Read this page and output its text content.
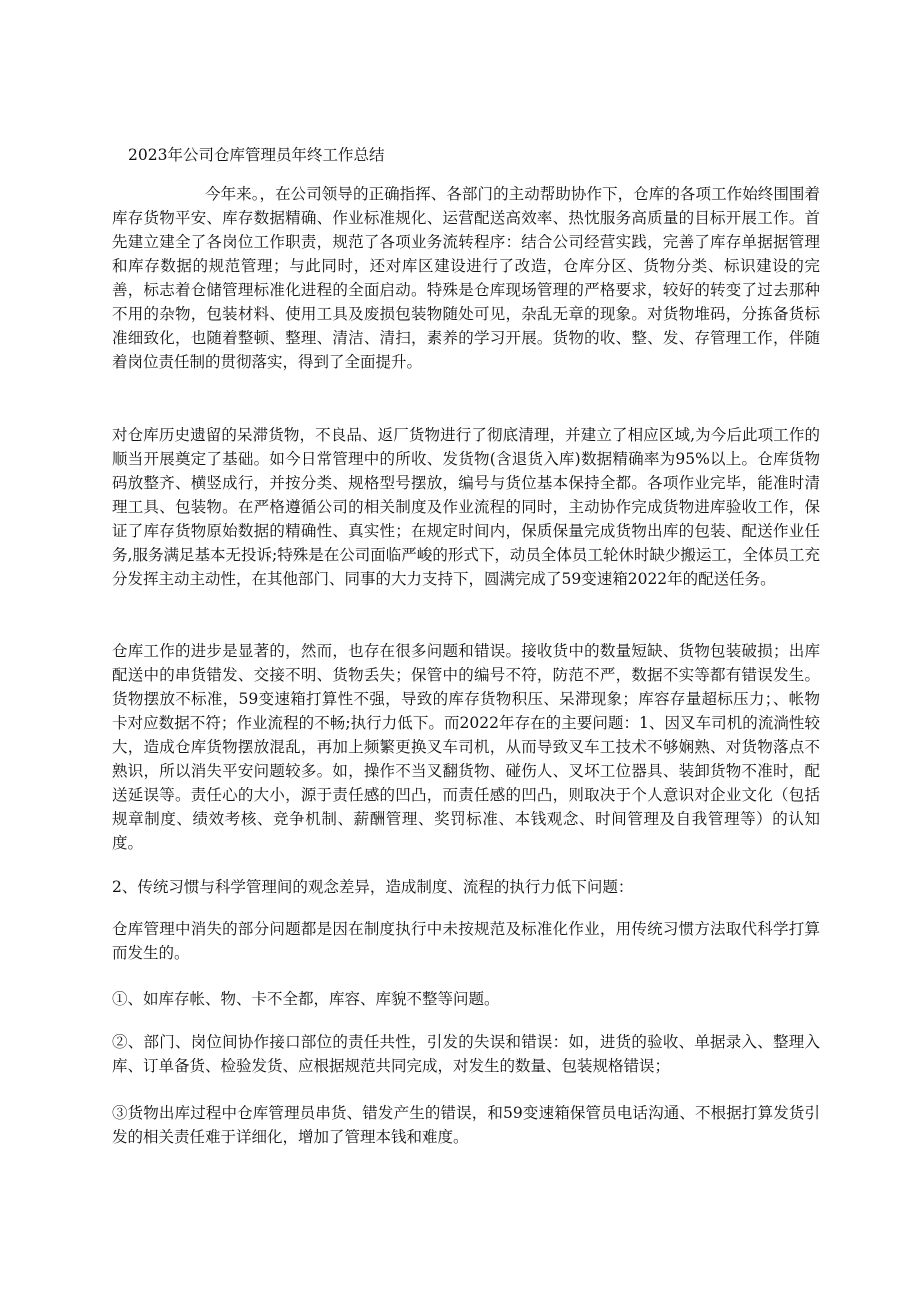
2023年公司仓库管理员年终工作总结

今年来。，在公司领导的正确指挥、各部门的主动帮助协作下，仓库的各项工作始终围围着库存货物平安、库存数据精确、作业标准规化、运营配送高效率、热忱服务高质量的目标开展工作。首先建立建全了各岗位工作职责，规范了各项业务流转程序：结合公司经营实践，完善了库存单据据管理和库存数据的规范管理；与此同时，还对库区建设进行了改造，仓库分区、货物分类、标识建设的完善，标志着仓储管理标准化进程的全面启动。特殊是仓库现场管理的严格要求，较好的转变了过去那种不用的杂物，包装材料、使用工具及废损包装物随处可见，杂乱无章的现象。对货物堆码，分拣备货标准细致化，也随着整顿、整理、清洁、清扫，素养的学习开展。货物的收、整、发、存管理工作，伴随着岗位责任制的贯彻落实，得到了全面提升。

对仓库历史遗留的呆滞货物，不良品、返厂货物进行了彻底清理，并建立了相应区域,为今后此项工作的顺当开展奠定了基础。如今日常管理中的所收、发货物(含退货入库)数据精确率为95%以上。仓库货物码放整齐、横竖成行，并按分类、规格型号摆放，编号与货位基本保持全都。各项作业完毕，能准时清理工具、包装物。在严格遵循公司的相关制度及作业流程的同时，主动协作完成货物进库验收工作，保证了库存货物原始数据的精确性、真实性；在规定时间内，保质保量完成货物出库的包装、配送作业任务,服务满足基本无投诉;特殊是在公司面临严峻的形式下，动员全体员工轮休时缺少搬运工，全体员工充分发挥主动主动性，在其他部门、同事的大力支持下，圆满完成了59变速箱2022年的配送任务。

仓库工作的进步是显著的，然而，也存在很多问题和错误。接收货中的数量短缺、货物包装破损；出库配送中的串货错发、交接不明、货物丢失；保管中的编号不符，防范不严，数据不实等都有错误发生。货物摆放不标准，59变速箱打算性不强，导致的库存货物积压、呆滞现象；库容存量超标压力；、帐物卡对应数据不符；作业流程的不畅;执行力低下。而2022年存在的主要问题：1、因叉车司机的流淌性较大，造成仓库货物摆放混乱，再加上频繁更换叉车司机，从而导致叉车工技术不够娴熟、对货物落点不熟识，所以消失平安问题较多。如，操作不当叉翻货物、碰伤人、叉坏工位器具、装卸货物不准时，配送延误等。责任心的大小，源于责任感的凹凸，而责任感的凹凸，则取决于个人意识对企业文化（包括规章制度、绩效考核、竞争机制、薪酬管理、奖罚标准、本钱观念、时间管理及自我管理等）的认知度。

2、传统习惯与科学管理间的观念差异，造成制度、流程的执行力低下问题：

仓库管理中消失的部分问题都是因在制度执行中未按规范及标准化作业，用传统习惯方法取代科学打算而发生的。

①、如库存帐、物、卡不全都，库容、库貌不整等问题。

②、部门、岗位间协作接口部位的责任共性，引发的失误和错误：如，进货的验收、单据录入、整理入库、订单备货、检验发货、应根据规范共同完成，对发生的数量、包装规格错误；

③货物出库过程中仓库管理员串货、错发产生的错误，和59变速箱保管员电话沟通、不根据打算发货引发的相关责任难于详细化，增加了管理本钱和难度。
